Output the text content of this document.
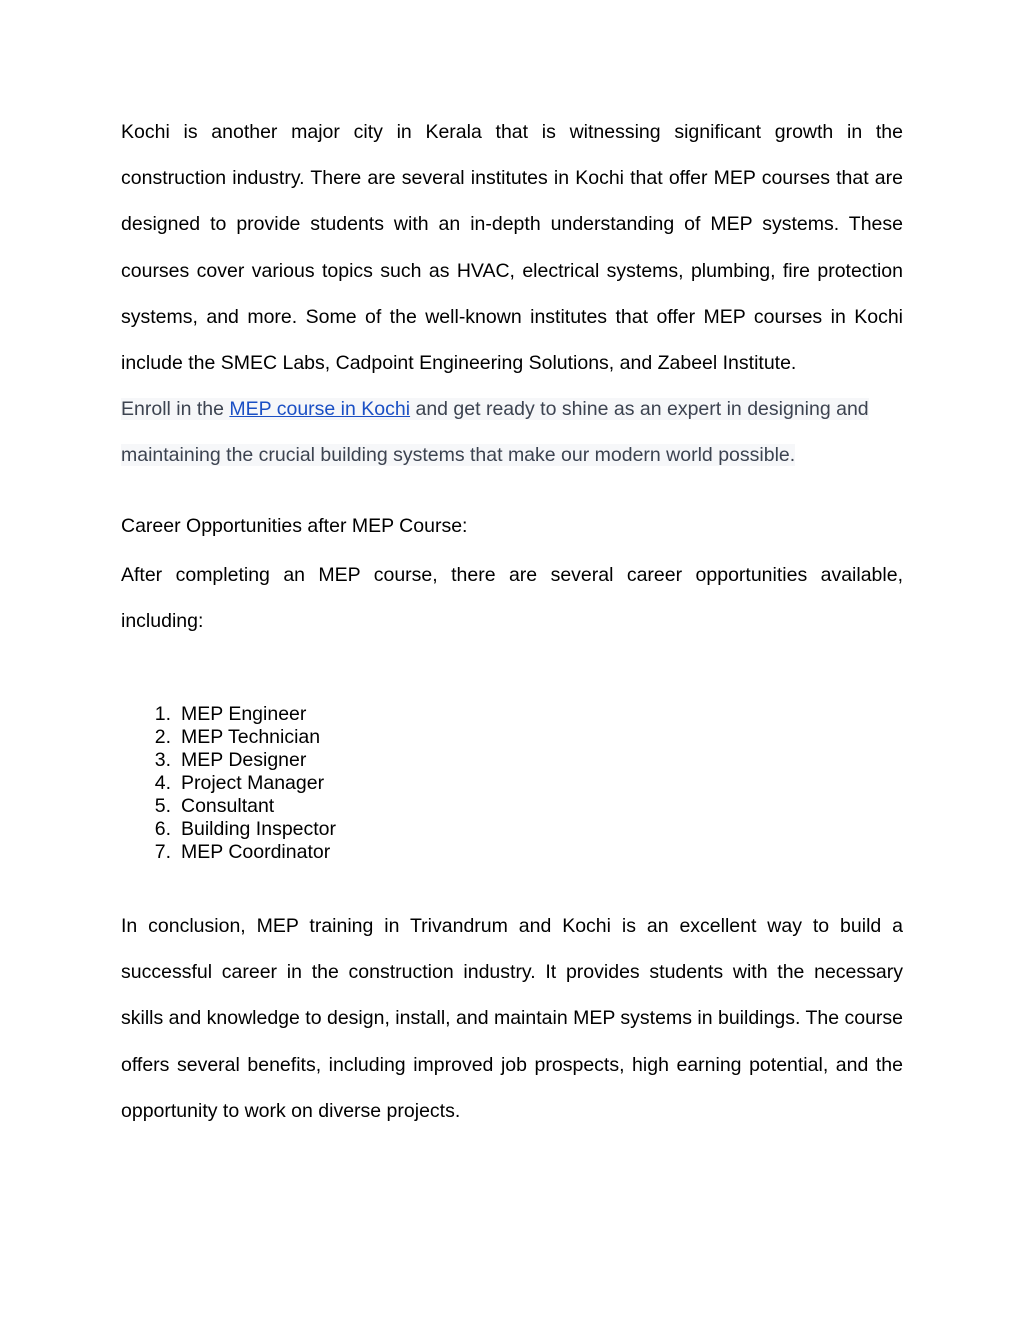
Kochi is another major city in Kerala that is witnessing significant growth in the construction industry. There are several institutes in Kochi that offer MEP courses that are designed to provide students with an in-depth understanding of MEP systems. These courses cover various topics such as HVAC, electrical systems, plumbing, fire protection systems, and more. Some of the well-known institutes that offer MEP courses in Kochi include the SMEC Labs, Cadpoint Engineering Solutions, and Zabeel Institute.

Enroll in the MEP course in Kochi and get ready to shine as an expert in designing and maintaining the crucial building systems that make our modern world possible.

Career Opportunities after MEP Course:

After completing an MEP course, there are several career opportunities available, including:

1. MEP Engineer
2. MEP Technician
3. MEP Designer
4. Project Manager
5. Consultant
6. Building Inspector
7. MEP Coordinator

In conclusion, MEP training in Trivandrum and Kochi is an excellent way to build a successful career in the construction industry. It provides students with the necessary skills and knowledge to design, install, and maintain MEP systems in buildings. The course offers several benefits, including improved job prospects, high earning potential, and the opportunity to work on diverse projects.
